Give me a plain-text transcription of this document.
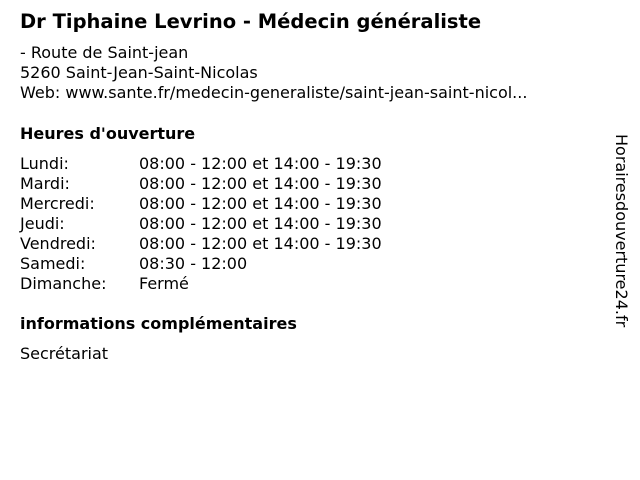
Dr Tiphaine Levrino - Médecin généraliste
- Route de Saint-jean
5260 Saint-Jean-Saint-Nicolas
Web: www.sante.fr/medecin-generaliste/saint-jean-saint-nicol...
Heures d'ouverture
Lundi:	08:00 - 12:00 et 14:00 - 19:30
Mardi:	08:00 - 12:00 et 14:00 - 19:30
Mercredi:	08:00 - 12:00 et 14:00 - 19:30
Jeudi:	08:00 - 12:00 et 14:00 - 19:30
Vendredi:	08:00 - 12:00 et 14:00 - 19:30
Samedi:	08:30 - 12:00
Dimanche: Fermé
informations complémentaires
Secrétariat
Horairesdouverture24.fr
